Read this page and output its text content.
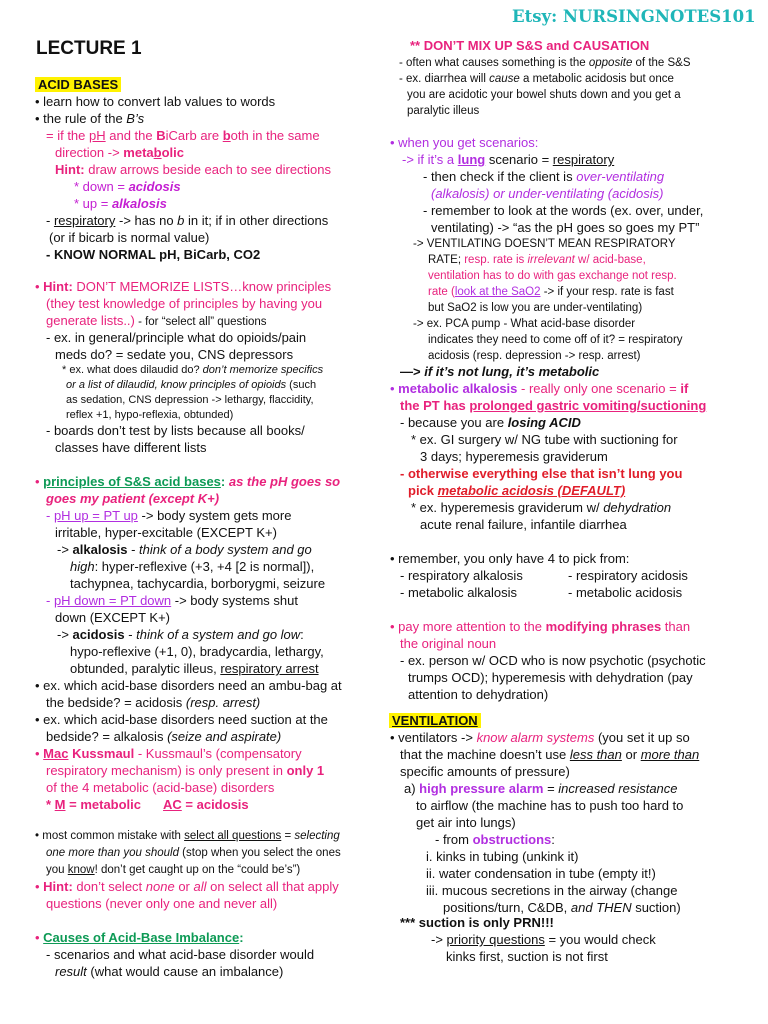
Etsy: NURSINGNOTES101
LECTURE 1
ACID BASES
• learn how to convert lab values to words
• the rule of the B’s
= if the pH and the BiCarb are both in the same
direction -> metabolic
Hint: draw arrows beside each to see directions
* down = acidosis
* up = alkalosis
- respiratory -> has no b in it; if in other directions
(or if bicarb is normal value)
- KNOW NORMAL pH, BiCarb, CO2
• Hint: DON’T MEMORIZE LISTS…know principles
(they test knowledge of principles by having you
generate lists..) - for “select all” questions
- ex. in general/principle what do opioids/pain
meds do? = sedate you, CNS depressors
* ex. what does dilaudid do? don’t memorize specifics
or a list of dilaudid, know principles of opioids (such
as sedation, CNS depression -> lethargy, flaccidity,
reflex +1, hypo-reflexia, obtunded)
- boards don’t test by lists because all books/
classes have different lists
• principles of S&S acid bases: as the pH goes so
goes my patient (except K+)
- pH up = PT up -> body system gets more
irritable, hyper-excitable (EXCEPT K+)
-> alkalosis - think of a body system and go
high: hyper-reflexive (+3, +4 [2 is normal]),
tachypnea, tachycardia, borborygmi, seizure
- pH down = PT down -> body systems shut
down (EXCEPT K+)
-> acidosis - think of a system and go low:
hypo-reflexive (+1, 0), bradycardia, lethargy,
obtunded, paralytic illeus, respiratory arrest
• ex. which acid-base disorders need an ambu-bag at
the bedside? = acidosis (resp. arrest)
• ex. which acid-base disorders need suction at the
bedside? = alkalosis (seize and aspirate)
• Mac Kussmaul - Kussmaul’s (compensatory
respiratory mechanism) is only present in only 1
of the 4 metabolic (acid-base) disorders
* M = metabolic AC = acidosis
• most common mistake with select all questions = selecting
one more than you should (stop when you select the ones
you know! don’t get caught up on the “could be’s”)
• Hint: don’t select none or all on select all that apply
questions (never only one and never all)
• Causes of Acid-Base Imbalance:
- scenarios and what acid-base disorder would
result (what would cause an imbalance)
** DON’T MIX UP S&S and CAUSATION
- often what causes something is the opposite of the S&S
- ex. diarrhea will cause a metabolic acidosis but once
you are acidotic your bowel shuts down and you get a
paralytic illeus
• when you get scenarios:
-> if it’s a lung scenario = respiratory
- then check if the client is over-ventilating
(alkalosis) or under-ventilating (acidosis)
- remember to look at the words (ex. over, under,
ventilating) -> “as the pH goes so goes my PT”
-> VENTILATING DOESN’T MEAN RESPIRATORY
RATE; resp. rate is irrelevant w/ acid-base,
ventilation has to do with gas exchange not resp.
rate (look at the SaO2 -> if your resp. rate is fast
but SaO2 is low you are under-ventilating)
-> ex. PCA pump - What acid-base disorder
indicates they need to come off of it? = respiratory
acidosis (resp. depression -> resp. arrest)
—> if it’s not lung, it’s metabolic
• metabolic alkalosis - really only one scenario = if
the PT has prolonged gastric vomiting/suctioning
- because you are losing ACID
* ex. GI surgery w/ NG tube with suctioning for
3 days; hyperemesis graviderum
- otherwise everything else that isn’t lung you
pick metabolic acidosis (DEFAULT)
* ex. hyperemesis graviderum w/ dehydration
acute renal failure, infantile diarrhea
• remember, you only have 4 to pick from:
- respiratory alkalosis	- respiratory acidosis
- metabolic alkalosis	- metabolic acidosis
• pay more attention to the modifying phrases than
the original noun
- ex. person w/ OCD who is now psychotic (psychotic
trumps OCD); hyperemesis with dehydration (pay
attention to dehydration)
VENTILATION
• ventilators -> know alarm systems (you set it up so
that the machine doesn’t use less than or more than
specific amounts of pressure)
a) high pressure alarm = increased resistance
to airflow (the machine has to push too hard to
get air into lungs)
- from obstructions:
i. kinks in tubing (unkink it)
ii. water condensation in tube (empty it!)
iii. mucous secretions in the airway (change
positions/turn, C&DB, and THEN suction)
*** suction is only PRN!!!
-> priority questions = you would check
kinks first, suction is not first
